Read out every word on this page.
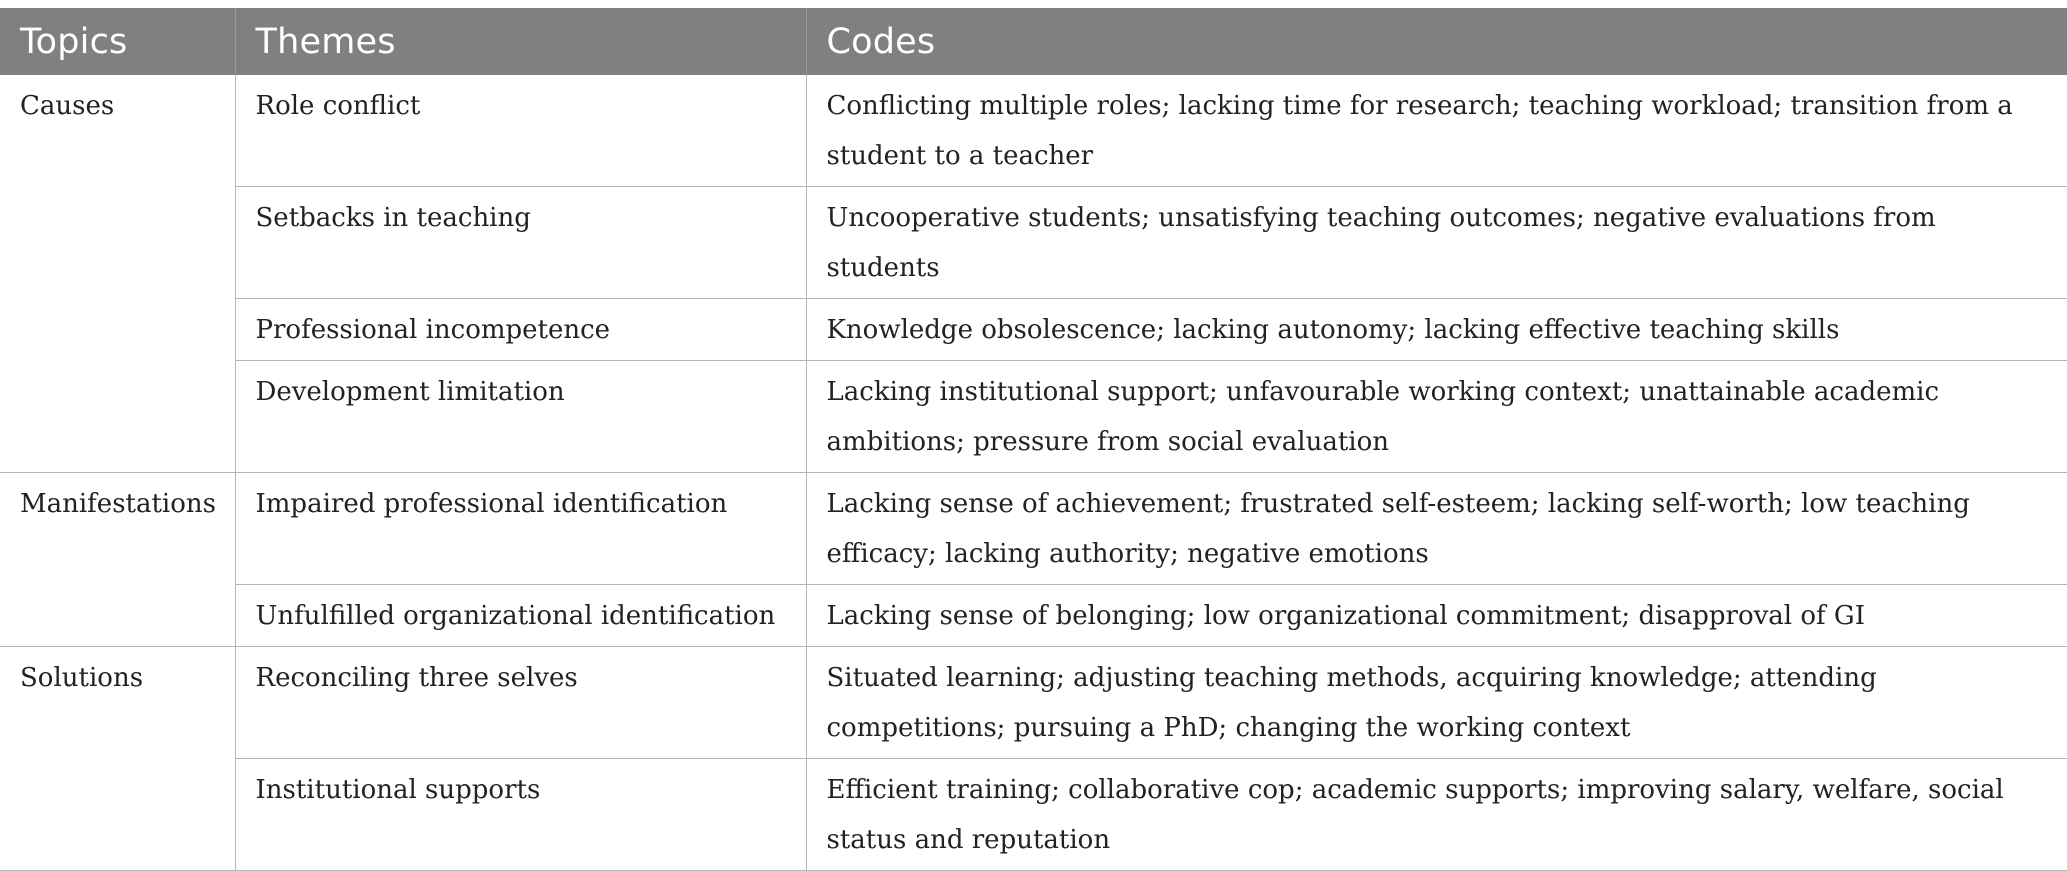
Topics	Themes	Codes
Causes	Role conflict	Conflicting multiple roles; lacking time for research; teaching workload; transition from a student to a teacher
	Setbacks in teaching	Uncooperative students; unsatisfying teaching outcomes; negative evaluations from students
	Professional incompetence	Knowledge obsolescence; lacking autonomy; lacking effective teaching skills
	Development limitation	Lacking institutional support; unfavourable working context; unattainable academic ambitions; pressure from social evaluation
Manifestations	Impaired professional identification	Lacking sense of achievement; frustrated self-esteem; lacking self-worth; low teaching efficacy; lacking authority; negative emotions
	Unfulfilled organizational identification	Lacking sense of belonging; low organizational commitment; disapproval of GI
Solutions	Reconciling three selves	Situated learning; adjusting teaching methods, acquiring knowledge; attending competitions; pursuing a PhD; changing the working context
	Institutional supports	Efficient training; collaborative cop; academic supports; improving salary, welfare, social status and reputation
